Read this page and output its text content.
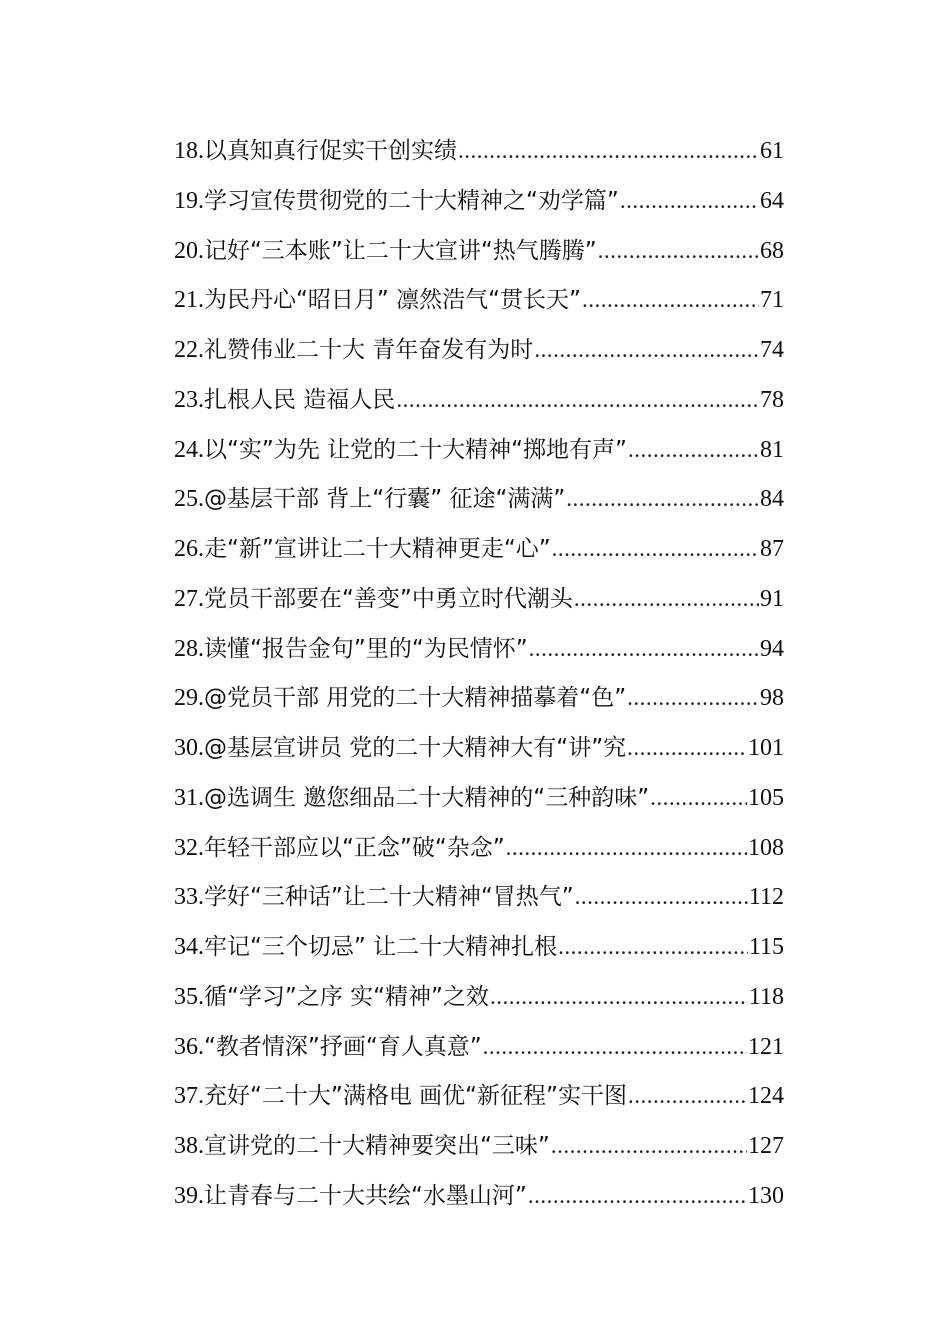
18.以真知真行促实干创实绩 .....	61
19.学习宣传贯彻党的二十大精神之“劝学篇” .....	64
20.记好“三本账”让二十大宣讲“热气腾腾” .....	68
21.为民丹心“昭日月” 凛然浩气“贯长天” .....	71
22.礼赞伟业二十大 青年奋发有为时 .....	74
23.扎根人民 造福人民 .....	78
24.以“实”为先 让党的二十大精神“掷地有声” .....	81
25.@基层干部 背上“行囊” 征途“满满” .....	84
26.走“新”宣讲让二十大精神更走“心” .....	87
27.党员干部要在“善变”中勇立时代潮头 .....	91
28.读懂“报告金句”里的“为民情怀” .....	94
29.@党员干部 用党的二十大精神描摹着“色” .....	98
30.@基层宣讲员 党的二十大精神大有“讲”究 .....	101
31.@选调生 邀您细品二十大精神的“三种韵味” .....	105
32.年轻干部应以“正念”破“杂念” .....	108
33.学好“三种话”让二十大精神“冒热气” .....	112
34.牢记“三个切忌” 让二十大精神扎根 .....	115
35.循“学习”之序 实“精神”之效 .....	118
36.“教者情深”抒画“育人真意” .....	121
37.充好“二十大”满格电 画优“新征程”实干图 .....	124
38.宣讲党的二十大精神要突出“三味” .....	127
39.让青春与二十大共绘“水墨山河” .....	130
